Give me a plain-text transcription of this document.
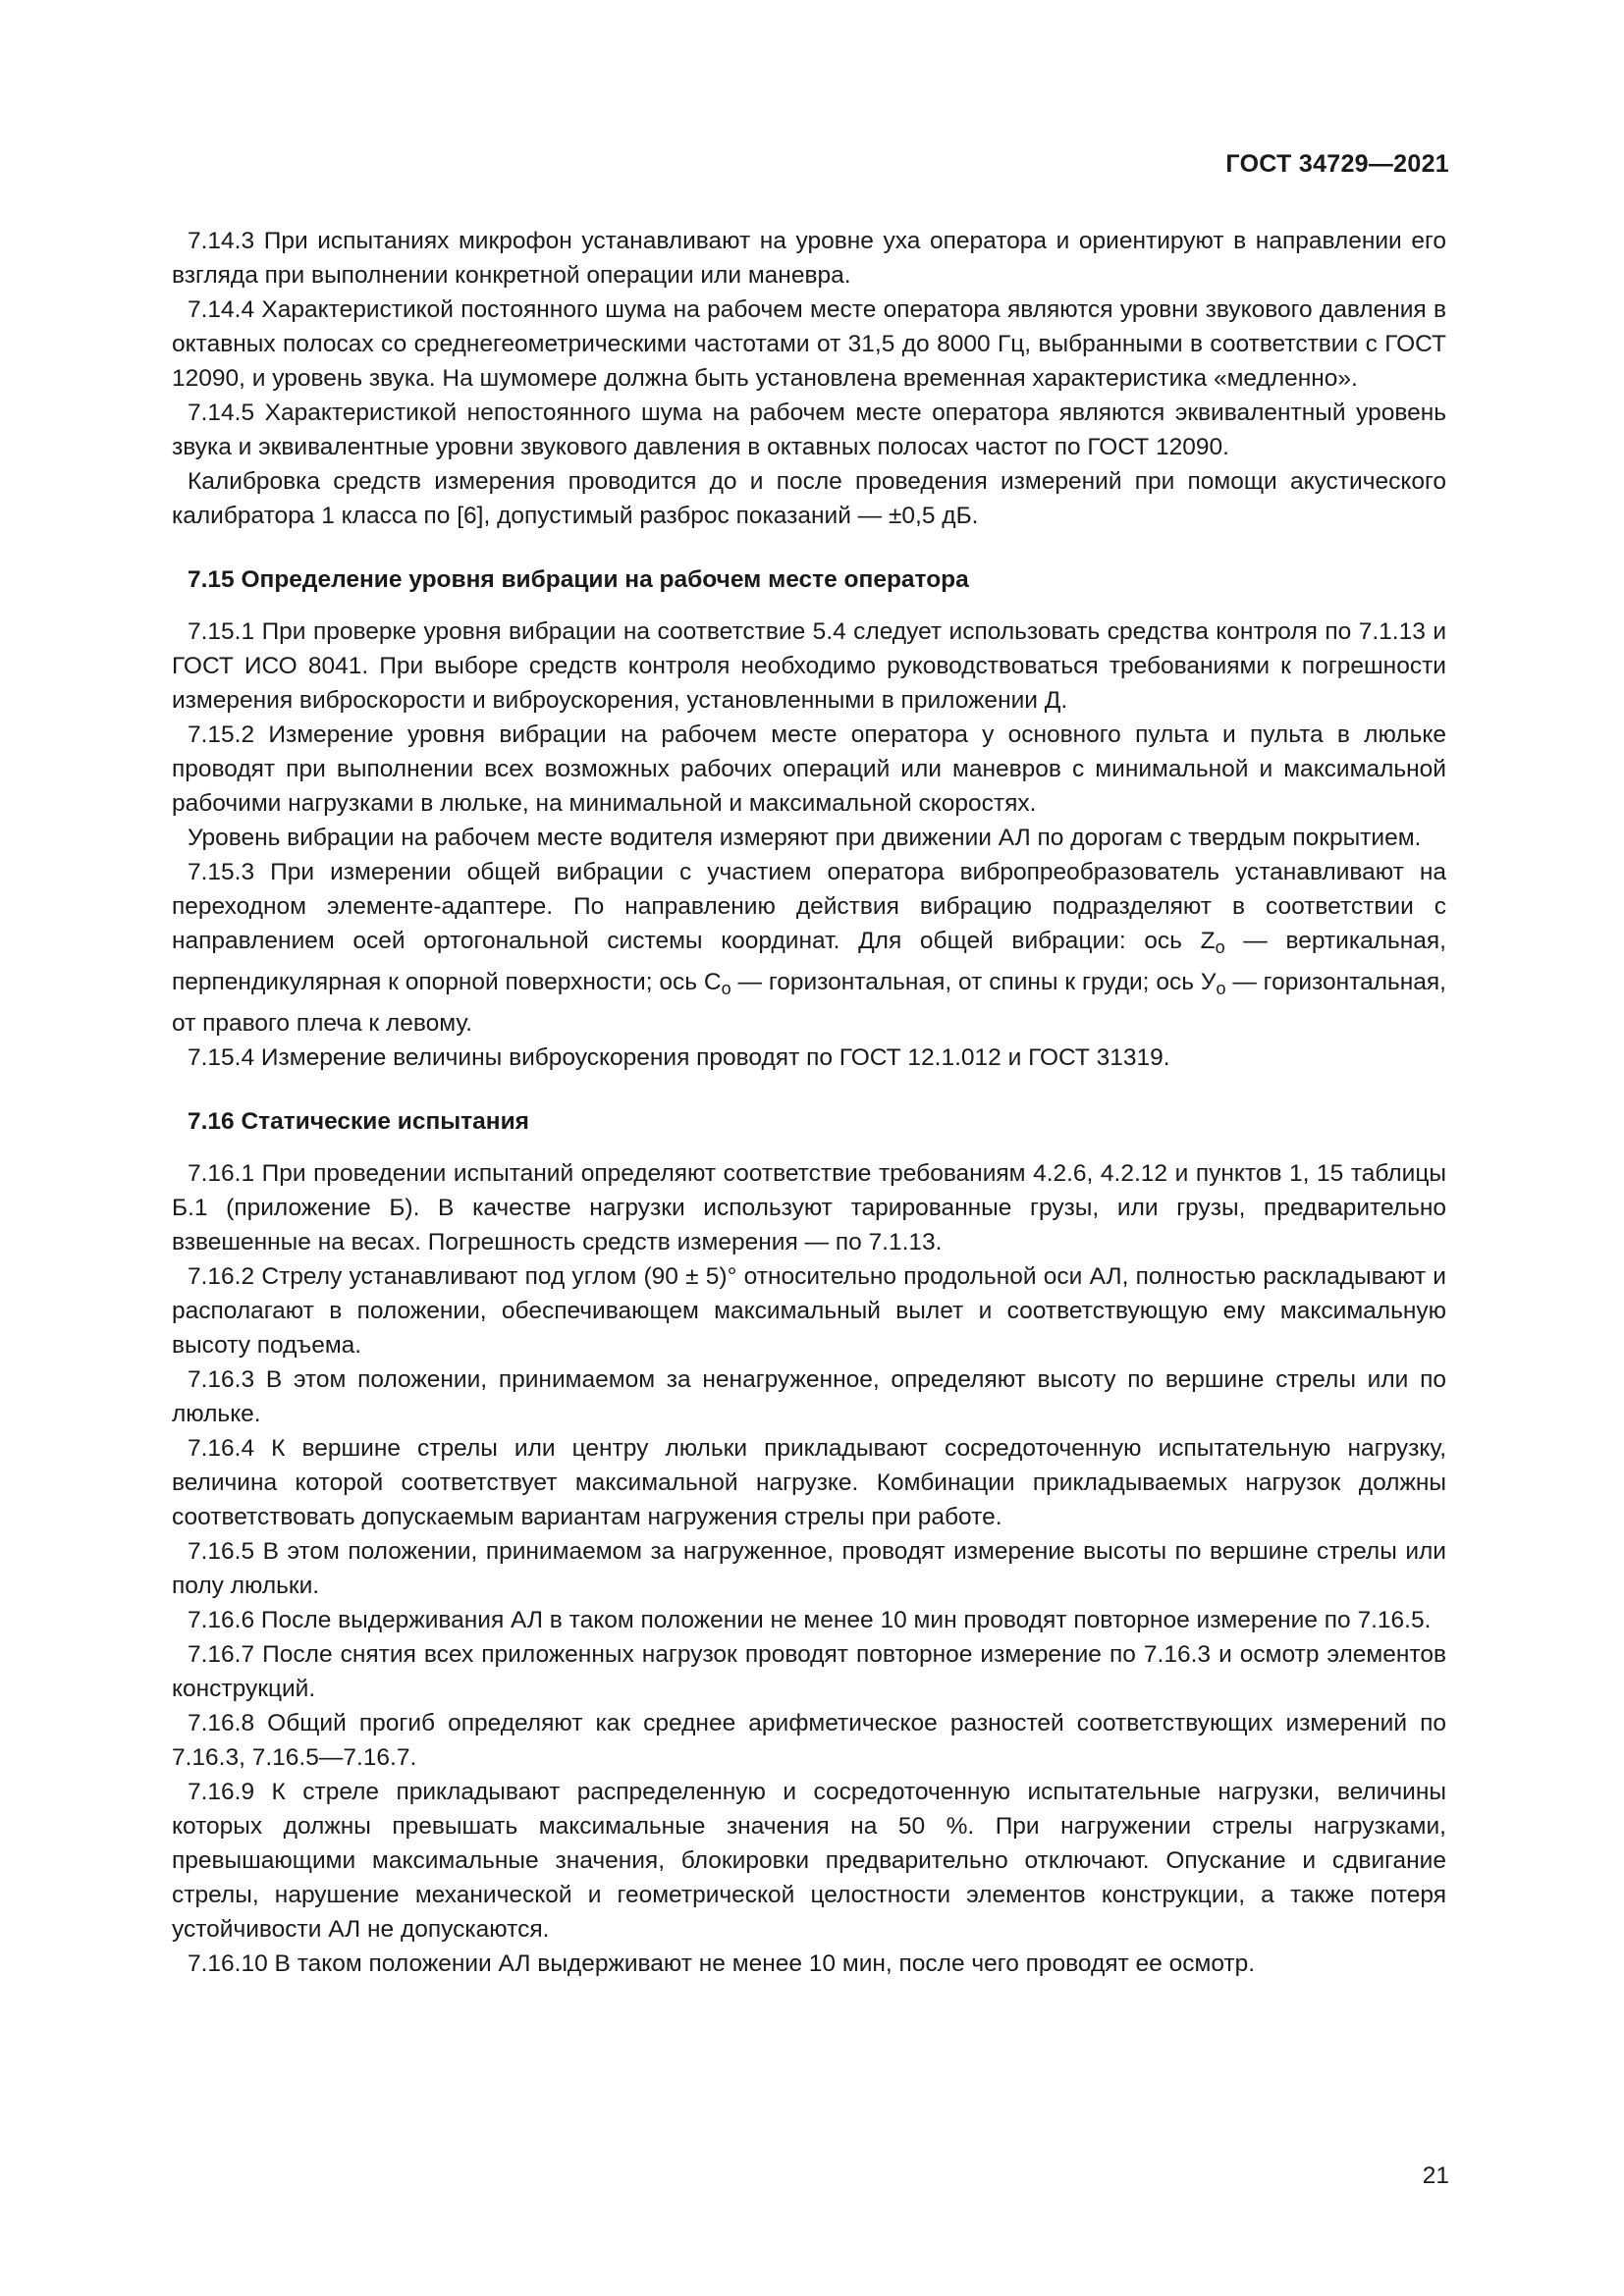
ГОСТ 34729—2021

7.14.3 При испытаниях микрофон устанавливают на уровне уха оператора и ориентируют в направлении его взгляда при выполнении конкретной операции или маневра.

7.14.4 Характеристикой постоянного шума на рабочем месте оператора являются уровни звукового давления в октавных полосах со среднегеометрическими частотами от 31,5 до 8000 Гц, выбранными в соответствии с ГОСТ 12090, и уровень звука. На шумомере должна быть установлена временная характеристика «медленно».

7.14.5 Характеристикой непостоянного шума на рабочем месте оператора являются эквивалентный уровень звука и эквивалентные уровни звукового давления в октавных полосах частот по ГОСТ 12090.

Калибровка средств измерения проводится до и после проведения измерений при помощи акустического калибратора 1 класса по [6], допустимый разброс показаний — ±0,5 дБ.

7.15 Определение уровня вибрации на рабочем месте оператора

7.15.1 При проверке уровня вибрации на соответствие 5.4 следует использовать средства контроля по 7.1.13 и ГОСТ ИСО 8041. При выборе средств контроля необходимо руководствоваться требованиями к погрешности измерения виброскорости и виброускорения, установленными в приложении Д.

7.15.2 Измерение уровня вибрации на рабочем месте оператора у основного пульта и пульта в люльке проводят при выполнении всех возможных рабочих операций или маневров с минимальной и максимальной рабочими нагрузками в люльке, на минимальной и максимальной скоростях.

Уровень вибрации на рабочем месте водителя измеряют при движении АЛ по дорогам с твердым покрытием.

7.15.3 При измерении общей вибрации с участием оператора вибропреобразователь устанавливают на переходном элементе-адаптере. По направлению действия вибрацию подразделяют в соответствии с направлением осей ортогональной системы координат. Для общей вибрации: ось $Z_o$ — вертикальная, перпендикулярная к опорной поверхности; ось $С_o$ — горизонтальная, от спины к груди; ось $У_o$ — горизонтальная, от правого плеча к левому.

7.15.4 Измерение величины виброускорения проводят по ГОСТ 12.1.012 и ГОСТ 31319.

7.16 Статические испытания

7.16.1 При проведении испытаний определяют соответствие требованиям 4.2.6, 4.2.12 и пунктов 1, 15 таблицы Б.1 (приложение Б). В качестве нагрузки используют тарированные грузы, или грузы, предварительно взвешенные на весах. Погрешность средств измерения — по 7.1.13.

7.16.2 Стрелу устанавливают под углом (90 ± 5)° относительно продольной оси АЛ, полностью раскладывают и располагают в положении, обеспечивающем максимальный вылет и соответствующую ему максимальную высоту подъема.

7.16.3 В этом положении, принимаемом за ненагруженное, определяют высоту по вершине стрелы или по люльке.

7.16.4 К вершине стрелы или центру люльки прикладывают сосредоточенную испытательную нагрузку, величина которой соответствует максимальной нагрузке. Комбинации прикладываемых нагрузок должны соответствовать допускаемым вариантам нагружения стрелы при работе.

7.16.5 В этом положении, принимаемом за нагруженное, проводят измерение высоты по вершине стрелы или полу люльки.

7.16.6 После выдерживания АЛ в таком положении не менее 10 мин проводят повторное измерение по 7.16.5.

7.16.7 После снятия всех приложенных нагрузок проводят повторное измерение по 7.16.3 и осмотр элементов конструкций.

7.16.8 Общий прогиб определяют как среднее арифметическое разностей соответствующих измерений по 7.16.3, 7.16.5—7.16.7.

7.16.9 К стреле прикладывают распределенную и сосредоточенную испытательные нагрузки, величины которых должны превышать максимальные значения на 50 %. При нагружении стрелы нагрузками, превышающими максимальные значения, блокировки предварительно отключают. Опускание и сдвигание стрелы, нарушение механической и геометрической целостности элементов конструкции, а также потеря устойчивости АЛ не допускаются.

7.16.10 В таком положении АЛ выдерживают не менее 10 мин, после чего проводят ее осмотр.

21
